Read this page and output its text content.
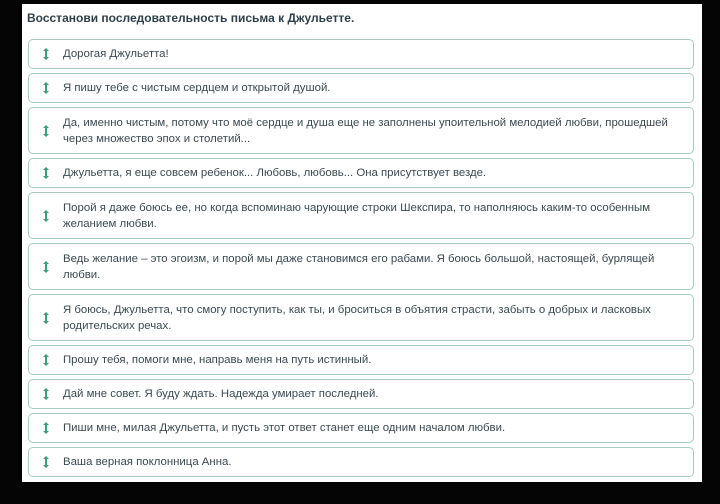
Восстанови последовательность письма к Джульетте.
Дорогая Джульетта!
Я пишу тебе с чистым сердцем и открытой душой.
Да, именно чистым, потому что моё сердце и душа еще не заполнены упоительной мелодией любви, прошедшей через множество эпох и столетий...
Джульетта, я еще совсем ребенок... Любовь, любовь... Она присутствует везде.
Порой я даже боюсь ее, но когда вспоминаю чарующие строки Шекспира, то наполняюсь каким-то особенным желанием любви.
Ведь желание – это эгоизм, и порой мы даже становимся его рабами. Я боюсь большой, настоящей, бурлящей любви.
Я боюсь, Джульетта, что смогу поступить, как ты, и броситься в объятия страсти, забыть о добрых и ласковых родительских речах.
Прошу тебя, помоги мне, направь меня на путь истинный.
Дай мне совет. Я буду ждать. Надежда умирает последней.
Пиши мне, милая Джульетта, и пусть этот ответ станет еще одним началом любви.
Ваша верная поклонница Анна.
